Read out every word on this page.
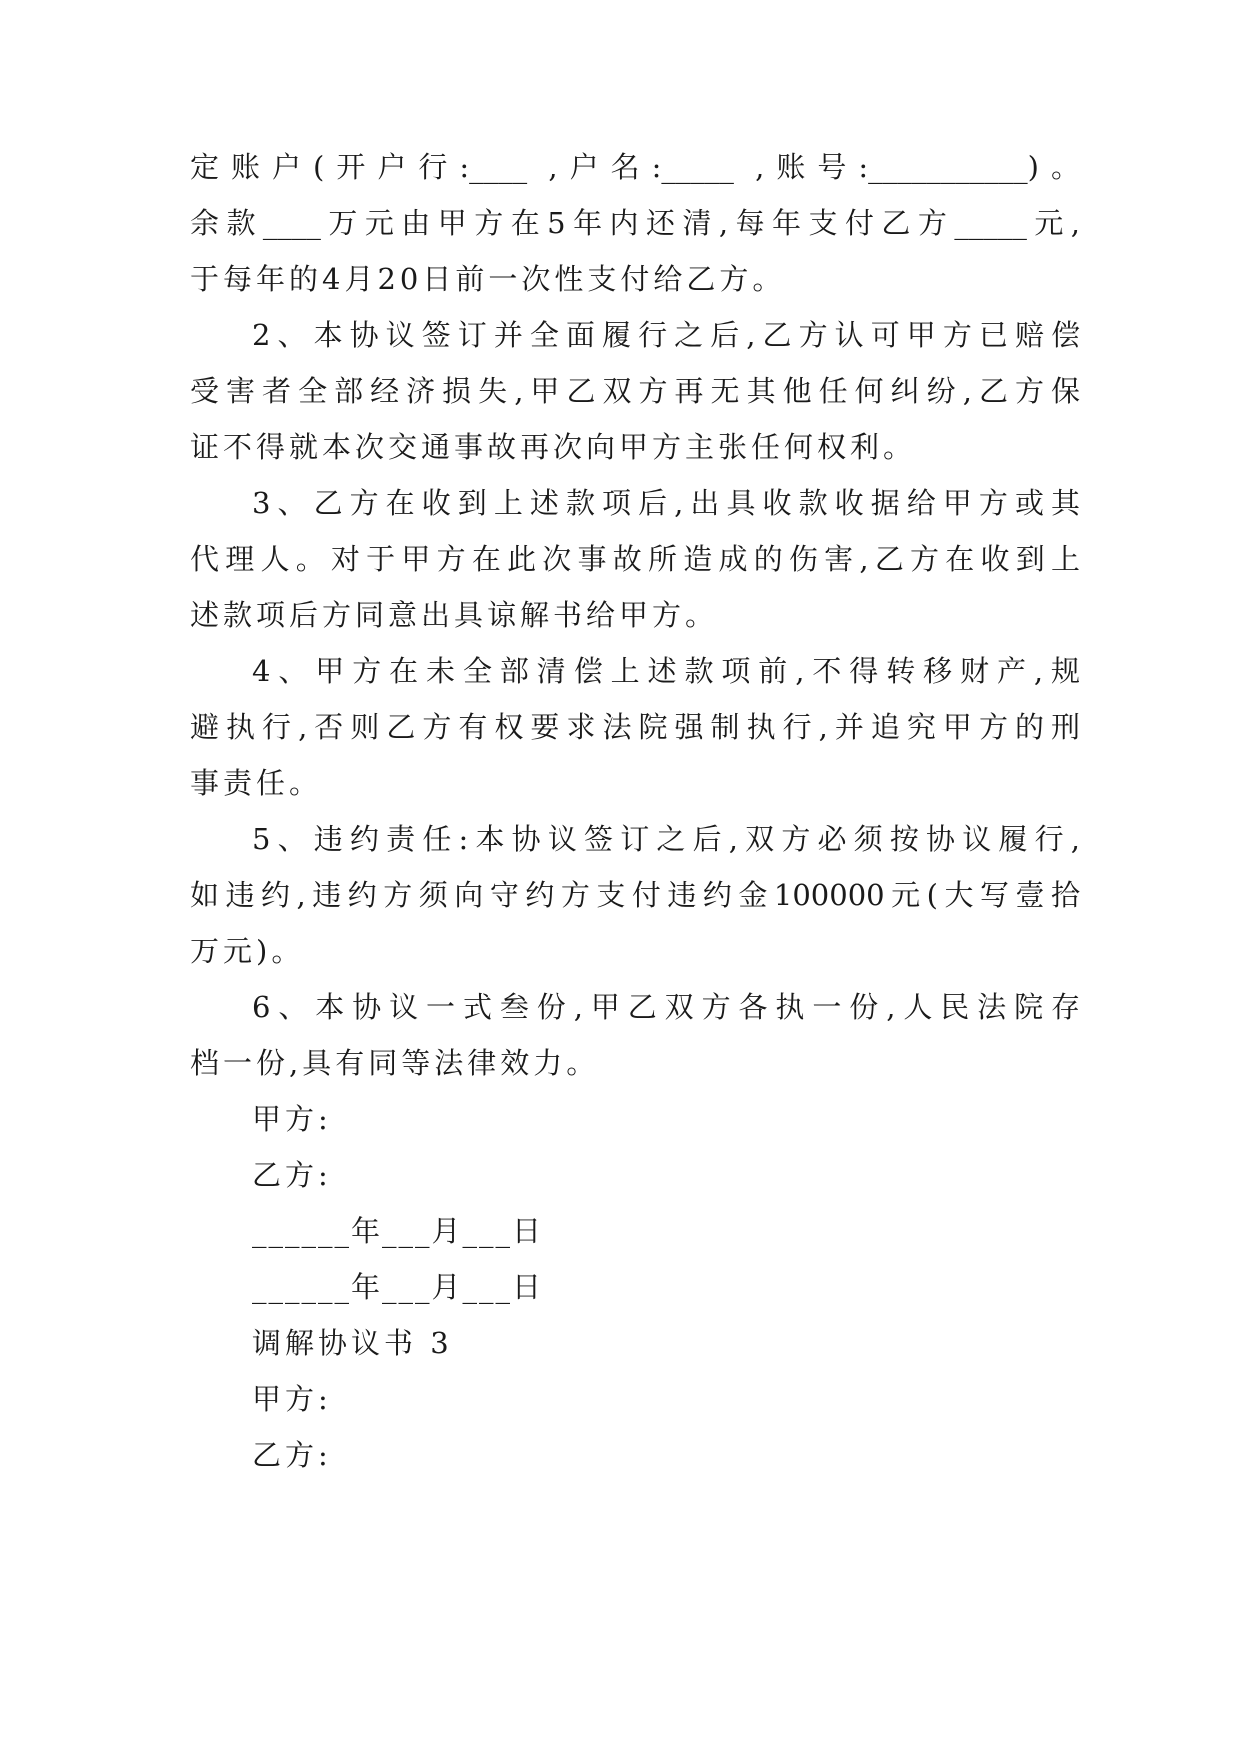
定账户(开户行:____ ,户名:_____ ,账号:___________)。

余款____万元由甲方在5年内还清,每年支付乙方_____元,

于每年的4月20日前一次性支付给乙方。

2、本协议签订并全面履行之后,乙方认可甲方已赔偿

受害者全部经济损失,甲乙双方再无其他任何纠纷,乙方保

证不得就本次交通事故再次向甲方主张任何权利。

3、乙方在收到上述款项后,出具收款收据给甲方或其

代理人。对于甲方在此次事故所造成的伤害,乙方在收到上

述款项后方同意出具谅解书给甲方。

4、甲方在未全部清偿上述款项前,不得转移财产,规

避执行,否则乙方有权要求法院强制执行,并追究甲方的刑

事责任。

5、违约责任:本协议签订之后,双方必须按协议履行,

如违约,违约方须向守约方支付违约金100000元(大写壹拾

万元)。

6、本协议一式叁份,甲乙双方各执一份,人民法院存

档一份,具有同等法律效力。

甲方:

乙方:

______年___月___日

______年___月___日

调解协议书 3

甲方:

乙方:
